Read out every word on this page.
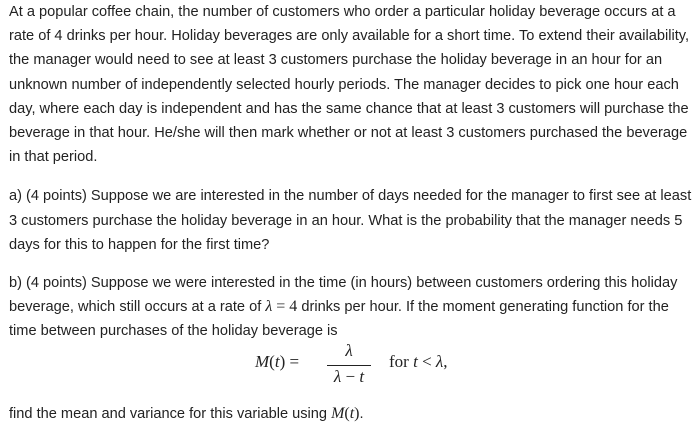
At a popular coffee chain, the number of customers who order a particular holiday beverage occurs at a rate of 4 drinks per hour. Holiday beverages are only available for a short time. To extend their availability, the manager would need to see at least 3 customers purchase the holiday beverage in an hour for an unknown number of independently selected hourly periods. The manager decides to pick one hour each day, where each day is independent and has the same chance that at least 3 customers will purchase the beverage in that hour. He/she will then mark whether or not at least 3 customers purchased the beverage in that period.

a) (4 points) Suppose we are interested in the number of days needed for the manager to first see at least 3 customers purchase the holiday beverage in an hour. What is the probability that the manager needs 5 days for this to happen for the first time?

b) (4 points) Suppose we were interested in the time (in hours) between customers ordering this holiday beverage, which still occurs at a rate of λ = 4 drinks per hour. If the moment generating function for the time between purchases of the holiday beverage is

M(t) =
λ
λ − t
for t < λ,

find the mean and variance for this variable using M(t).
